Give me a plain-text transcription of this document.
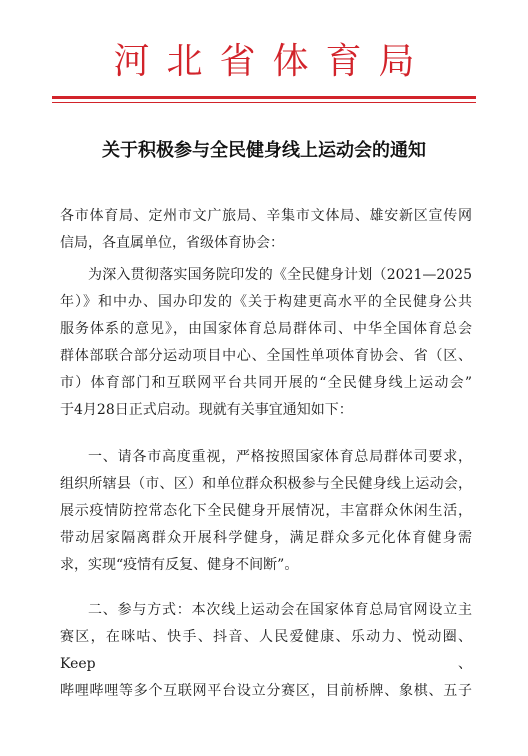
河北省体育局
关于积极参与全民健身线上运动会的通知
各市体育局、定州市文广旅局、辛集市文体局、雄安新区宣传网
信局，各直属单位，省级体育协会：
为深入贯彻落实国务院印发的《全民健身计划（2021—2025
年）》和中办、国办印发的《关于构建更高水平的全民健身公共
服务体系的意见》，由国家体育总局群体司、中华全国体育总会
群体部联合部分运动项目中心、全国性单项体育协会、省（区、
市）体育部门和互联网平台共同开展的“全民健身线上运动会”
于4月28日正式启动。现就有关事宜通知如下：
一、请各市高度重视，严格按照国家体育总局群体司要求，
组织所辖县（市、区）和单位群众积极参与全民健身线上运动会，
展示疫情防控常态化下全民健身开展情况，丰富群众休闲生活，
带动居家隔离群众开展科学健身，满足群众多元化体育健身需
求，实现“疫情有反复、健身不间断”。
二、参与方式：本次线上运动会在国家体育总局官网设立主
赛区，在咪咕、快手、抖音、人民爱健康、乐动力、悦动圈、Keep、
哔哩哔哩等多个互联网平台设立分赛区，目前桥牌、象棋、五子
